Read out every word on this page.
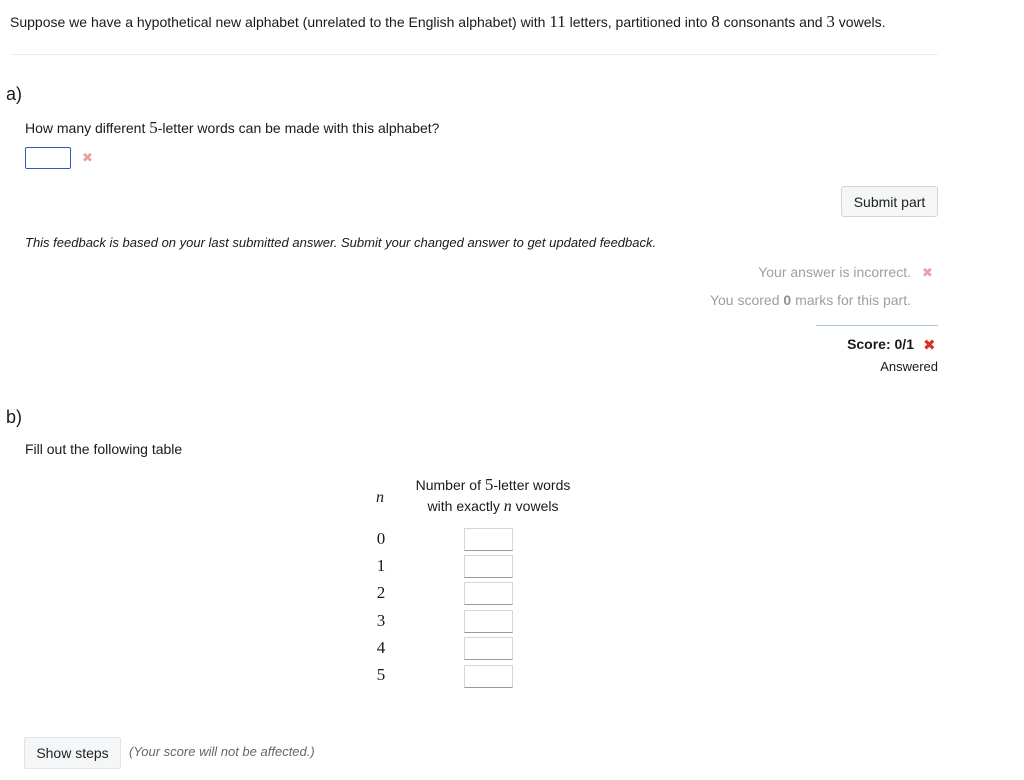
Suppose we have a hypothetical new alphabet (unrelated to the English alphabet) with 11 letters, partitioned into 8 consonants and 3 vowels.
a)
How many different 5-letter words can be made with this alphabet?
✖
Submit part
This feedback is based on your last submitted answer. Submit your changed answer to get updated feedback.
Your answer is incorrect. ✖
You scored 0 marks for this part.
Score: 0/1 ✖
Answered
b)
Fill out the following table
n
Number of 5-letter words
with exactly n vowels
0
1
2
3
4
5
Show steps	(Your score will not be affected.)
